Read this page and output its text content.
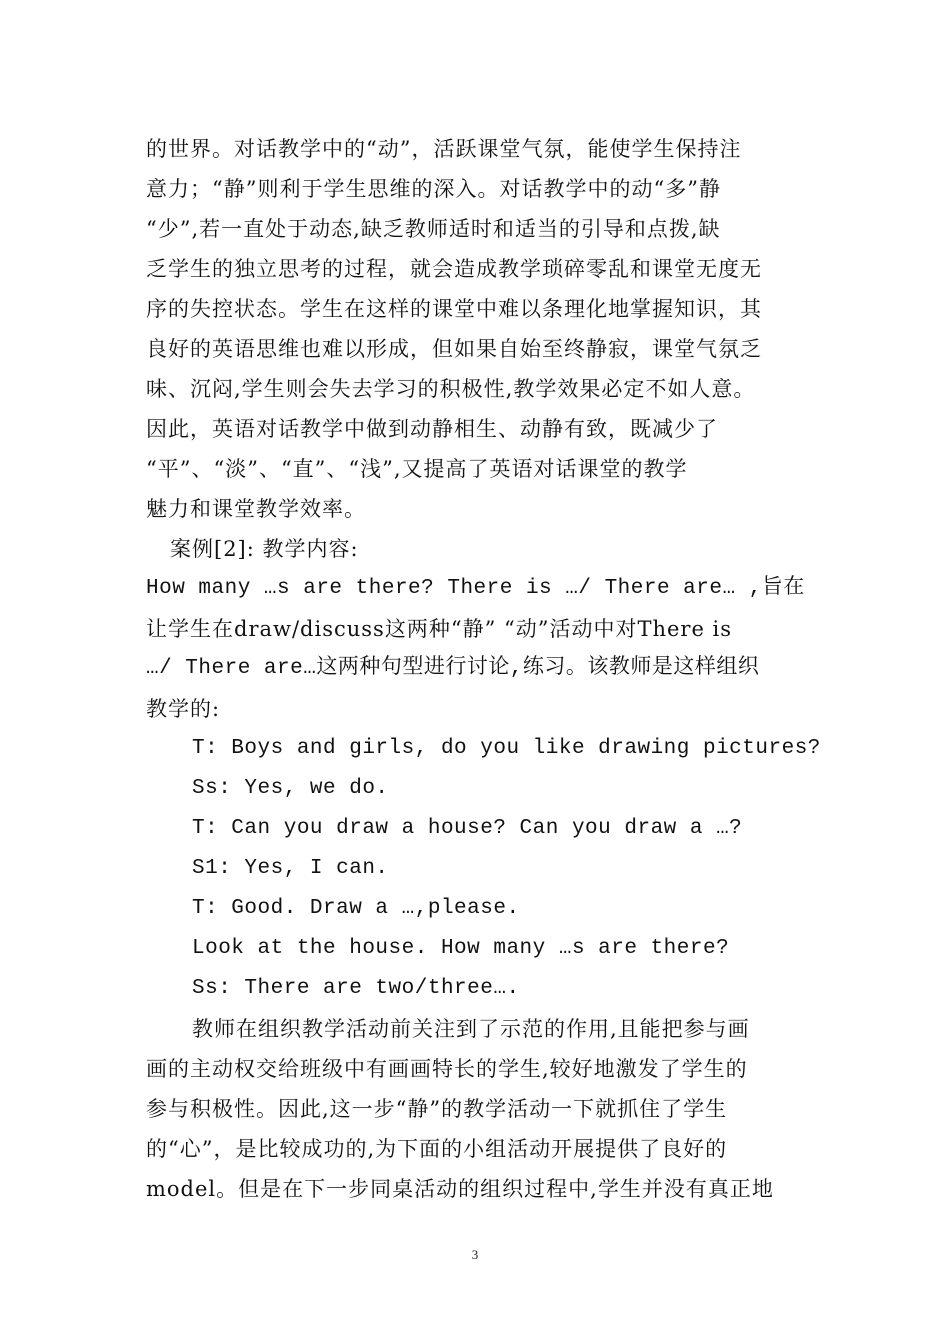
的世界。对话教学中的“动”，活跃课堂气氛，能使学生保持注
意力；“静”则利于学生思维的深入。对话教学中的动“多”静
“少”,若一直处于动态,缺乏教师适时和适当的引导和点拨,缺
乏学生的独立思考的过程，就会造成教学琐碎零乱和课堂无度无
序的失控状态。学生在这样的课堂中难以条理化地掌握知识，其
良好的英语思维也难以形成，但如果自始至终静寂，课堂气氛乏
味、沉闷,学生则会失去学习的积极性,教学效果必定不如人意。
因此，英语对话教学中做到动静相生、动静有致，既减少了
“平”、“淡”、“直”、“浅”,又提高了英语对话课堂的教学
魅力和课堂教学效率。
案例[2]: 教学内容:
How many …s are there? There is …/ There are… ,旨在
让学生在draw/discuss这两种“静” “动”活动中对There is
…/ There are…这两种句型进行讨论,练习。该教师是这样组织
教学的:
T: Boys and girls, do you like drawing pictures?
Ss: Yes, we do.
T: Can you draw a house? Can you draw a …?
S1: Yes, I can.
T: Good. Draw a …,please.
Look at the house. How many …s are there?
Ss: There are two/three….
教师在组织教学活动前关注到了示范的作用,且能把参与画
画的主动权交给班级中有画画特长的学生,较好地激发了学生的
参与积极性。因此,这一步“静”的教学活动一下就抓住了学生
的“心”，是比较成功的,为下面的小组活动开展提供了良好的
model。但是在下一步同桌活动的组织过程中,学生并没有真正地
3
